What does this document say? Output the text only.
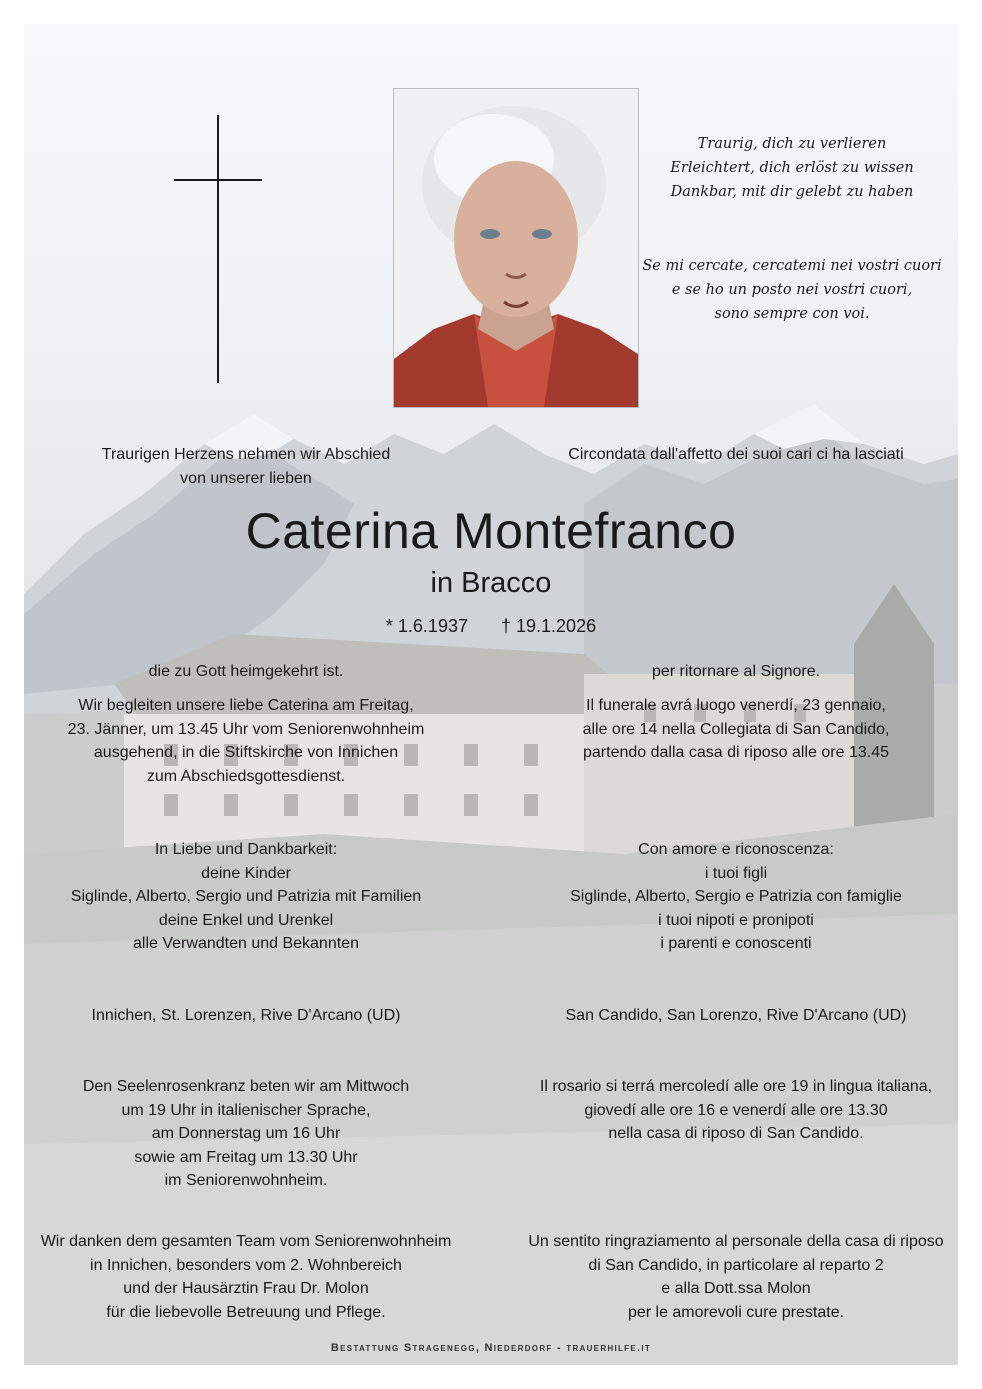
Traurig, dich zu verlieren
Erleichtert, dich erlöst zu wissen
Dankbar, mit dir gelebt zu haben
Se mi cercate, cercatemi nei vostri cuori
e se ho un posto nei vostri cuori,
sono sempre con voi.
Traurigen Herzens nehmen wir Abschied
von unserer lieben
Circondata dall'affetto dei suoi cari ci ha lasciati
Caterina Montefranco
in Bracco
* 1.6.1937 † 19.1.2026
die zu Gott heimgekehrt ist.	per ritornare al Signore.
Wir begleiten unsere liebe Caterina am Freitag,
23. Jänner, um 13.45 Uhr vom Seniorenwohnheim
ausgehend, in die Stiftskirche von Innichen
zum Abschiedsgottesdienst.
Il funerale avrá luogo venerdí, 23 gennaio,
alle ore 14 nella Collegiata di San Candido,
partendo dalla casa di riposo alle ore 13.45
In Liebe und Dankbarkeit:
deine Kinder
Siglinde, Alberto, Sergio und Patrizia mit Familien
deine Enkel und Urenkel
alle Verwandten und Bekannten
Con amore e riconoscenza:
i tuoi figli
Siglinde, Alberto, Sergio e Patrizia con famiglie
i tuoi nipoti e pronipoti
i parenti e conoscenti
Innichen, St. Lorenzen, Rive D'Arcano (UD)	San Candido, San Lorenzo, Rive D'Arcano (UD)
Den Seelenrosenkranz beten wir am Mittwoch
um 19 Uhr in italienischer Sprache,
am Donnerstag um 16 Uhr
sowie am Freitag um 13.30 Uhr
im Seniorenwohnheim.
Il rosario si terrá mercoledí alle ore 19 in lingua italiana,
giovedí alle ore 16 e venerdí alle ore 13.30
nella casa di riposo di San Candido.
Wir danken dem gesamten Team vom Seniorenwohnheim
in Innichen, besonders vom 2. Wohnbereich
und der Hausärztin Frau Dr. Molon
für die liebevolle Betreuung und Pflege.
Un sentito ringraziamento al personale della casa di riposo
di San Candido, in particolare al reparto 2
e alla Dott.ssa Molon
per le amorevoli cure prestate.
Bestattung Stragenegg, Niederdorf - trauerhilfe.it
